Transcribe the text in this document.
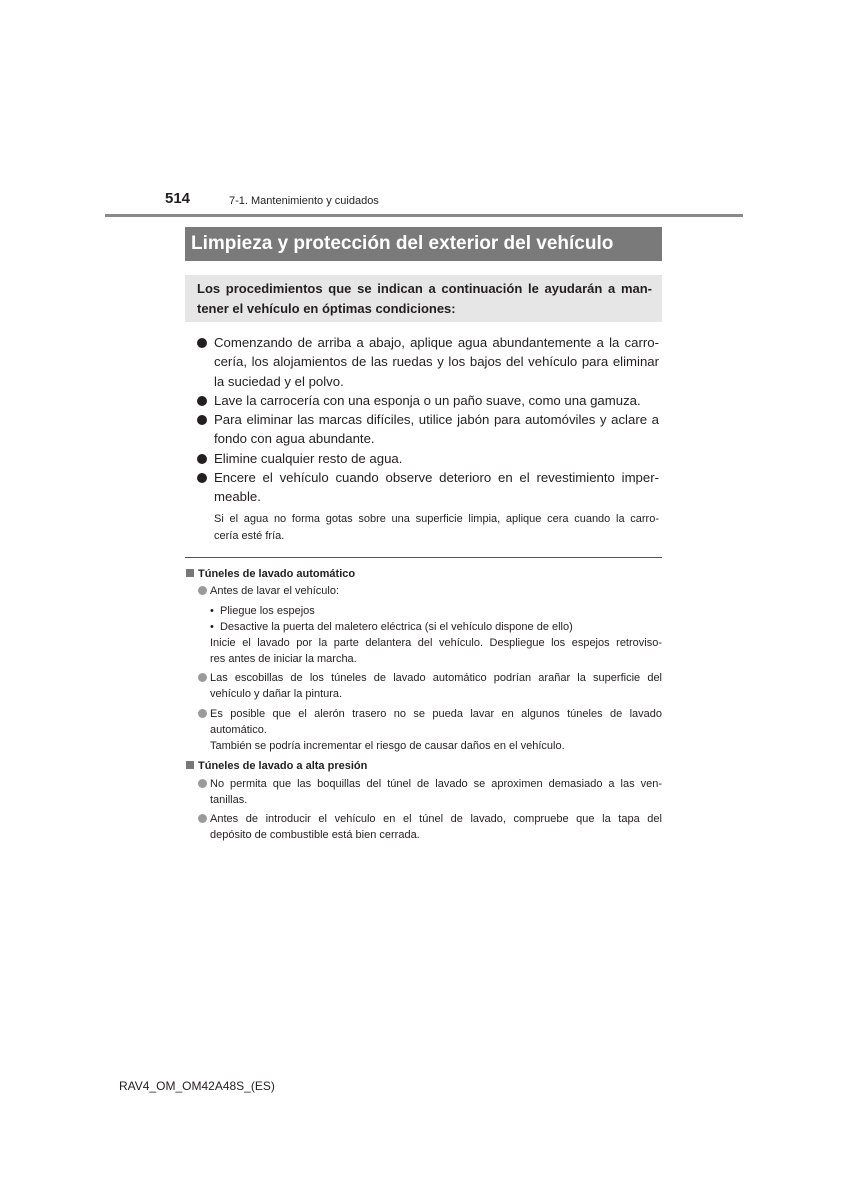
514	7-1. Mantenimiento y cuidados
Limpieza y protección del exterior del vehículo
Los procedimientos que se indican a continuación le ayudarán a man-
tener el vehículo en óptimas condiciones:
Comenzando de arriba a abajo, aplique agua abundantemente a la carro-
cería, los alojamientos de las ruedas y los bajos del vehículo para eliminar
la suciedad y el polvo.
Lave la carrocería con una esponja o un paño suave, como una gamuza.
Para eliminar las marcas difíciles, utilice jabón para automóviles y aclare a
fondo con agua abundante.
Elimine cualquier resto de agua.
Encere el vehículo cuando observe deterioro en el revestimiento imper-
meable.
Si el agua no forma gotas sobre una superficie limpia, aplique cera cuando la carro-
cería esté fría.
Túneles de lavado automático
Antes de lavar el vehículo:
• Pliegue los espejos
• Desactive la puerta del maletero eléctrica (si el vehículo dispone de ello)
Inicie el lavado por la parte delantera del vehículo. Despliegue los espejos retroviso-
res antes de iniciar la marcha.
Las escobillas de los túneles de lavado automático podrían arañar la superficie del
vehículo y dañar la pintura.
Es posible que el alerón trasero no se pueda lavar en algunos túneles de lavado
automático.
También se podría incrementar el riesgo de causar daños en el vehículo.
Túneles de lavado a alta presión
No permita que las boquillas del túnel de lavado se aproximen demasiado a las ven-
tanillas.
Antes de introducir el vehículo en el túnel de lavado, compruebe que la tapa del
depósito de combustible está bien cerrada.
RAV4_OM_OM42A48S_(ES)
